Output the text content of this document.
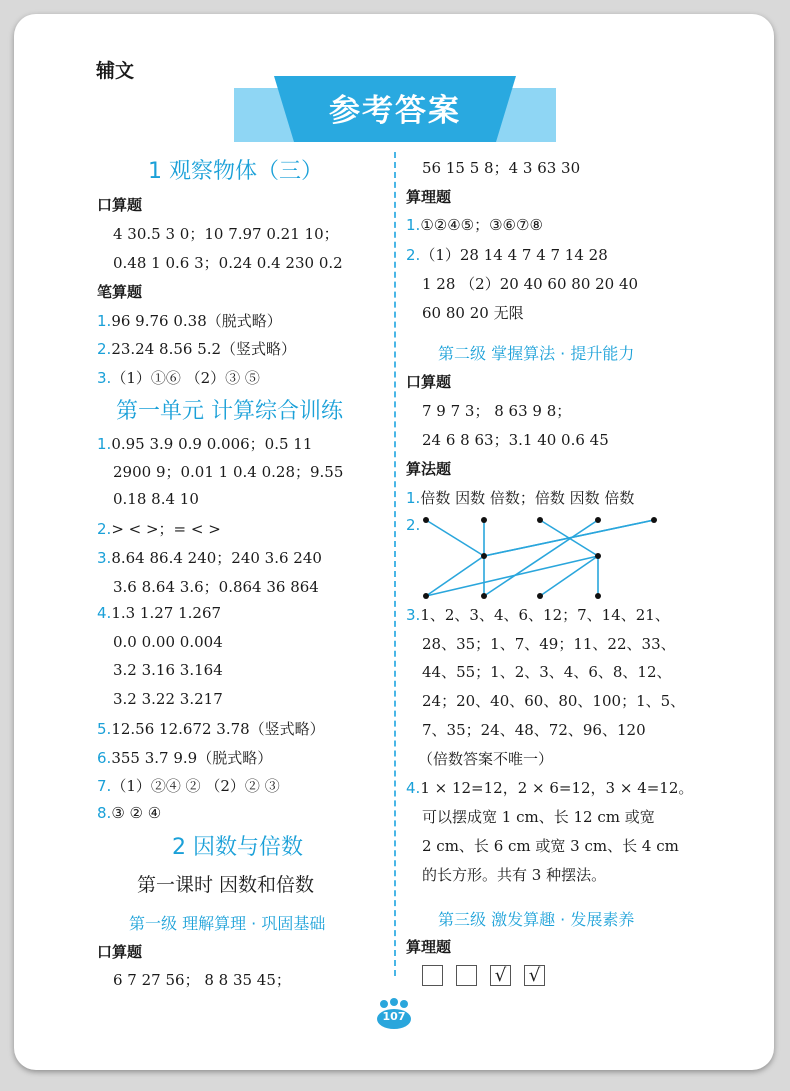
辅文
参考答案
1 观察物体（三）
口算题
4 30.5 3 0；10 7.97 0.21 10；
0.48 1 0.6 3；0.24 0.4 230 0.2
笔算题
1.96 9.76 0.38（脱式略）
2.23.24 8.56 5.2（竖式略）
3.（1）①⑥ （2）③ ⑤
第一单元 计算综合训练
1.0.95 3.9 0.9 0.006；0.5 11
2900 9；0.01 1 0.4 0.28；9.55
0.18 8.4 10
2.> < >；= < >
3.8.64 86.4 240；240 3.6 240
3.6 8.64 3.6；0.864 36 864
4.1.3 1.27 1.267
0.0 0.00 0.004
3.2 3.16 3.164
3.2 3.22 3.217
5.12.56 12.672 3.78（竖式略）
6.355 3.7 9.9（脱式略）
7.（1）②④ ② （2）② ③
8.③ ② ④
2 因数与倍数
第一课时 因数和倍数
第一级 理解算理 · 巩固基础
口算题
6 7 27 56； 8 8 35 45；
56 15 5 8；4 3 63 30
算理题
1.①②④⑤；③⑥⑦⑧
2.（1）28 14 4 7 4 7 14 28
1 28 （2）20 40 60 80 20 40
60 80 20 无限
第二级 掌握算法 · 提升能力
口算题
7 9 7 3； 8 63 9 8；
24 6 8 63；3.1 40 0.6 45
算法题
1.倍数 因数 倍数；倍数 因数 倍数
2.
3.1、2、3、4、6、12；7、14、21、
28、35；1、7、49；11、22、33、
44、55；1、2、3、4、6、8、12、
24；20、40、60、80、100；1、5、
7、35；24、48、72、96、120
（倍数答案不唯一）
4.1 × 12=12，2 × 6=12，3 × 4=12。
可以摆成宽 1 cm、长 12 cm 或宽
2 cm、长 6 cm 或宽 3 cm、长 4 cm
的长方形。共有 3 种摆法。
第三级 激发算趣 · 发展素养
算理题
√ √
107
